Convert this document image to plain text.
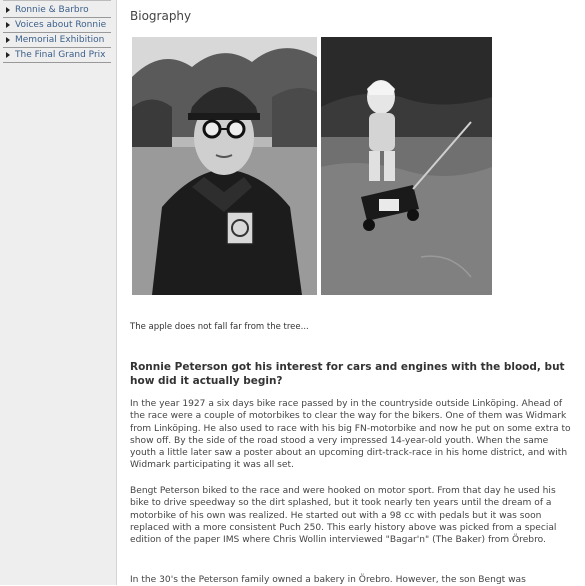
Ronnie & Barbro
Voices about Ronnie
Memorial Exhibition
The Final Grand Prix
Biography

The apple does not fall far from the tree...

Ronnie Peterson got his interest for cars and engines with the blood, but how did it actually begin?

In the year 1927 a six days bike race passed by in the countryside outside Linköping. Ahead of the race were a couple of motorbikes to clear the way for the bikers. One of them was Widmark from Linköping. He also used to race with his big FN-motorbike and now he put on some extra to show off. By the side of the road stood a very impressed 14-year-old youth. When the same youth a little later saw a poster about an upcoming dirt-track-race in his home district, and with Widmark participating it was all set.

Bengt Peterson biked to the race and were hooked on motor sport. From that day he used his bike to drive speedway so the dirt splashed, but it took nearly ten years until the dream of a motorbike of his own was realized. He started out with a 98 cc with pedals but it was soon replaced with a more consistent Puch 250. This early history above was picked from a special edition of the paper IMS where Chris Wollin interviewed "Bagar'n" (The Baker) from Örebro.

In the 30's the Peterson family owned a bakery in Örebro. However, the son Bengt was
